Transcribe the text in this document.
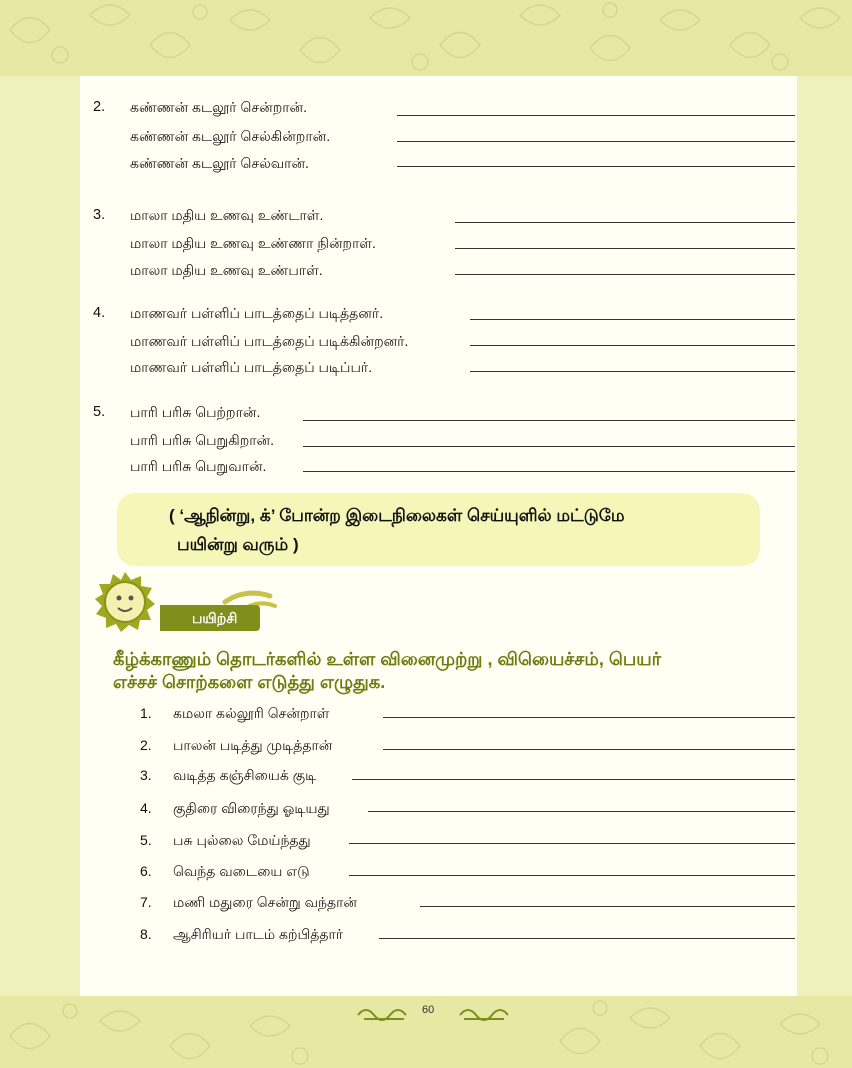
2. கண்ணன் கடலூர் சென்றான்.
கண்ணன் கடலூர் செல்கின்றான்.
கண்ணன் கடலூர் செல்வான்.
3. மாலா மதிய உணவு உண்டாள்.
மாலா மதிய உணவு உண்ணா நின்றாள்.
மாலா மதிய உணவு உண்பாள்.
4. மாணவர் பள்ளிப் பாடத்தைப் படித்தனர்.
மாணவர் பள்ளிப் பாடத்தைப் படிக்கின்றனர்.
மாணவர் பள்ளிப் பாடத்தைப் படிப்பர்.
5. பாரி பரிசு பெற்றான்.
பாரி பரிசு பெறுகிறான்.
பாரி பரிசு பெறுவான்.
( ‘ஆநின்று, க்’ போன்ற இடைநிலைகள் செய்யுளில் மட்டுமே
பயின்று வரும் )
பயிற்சி
கீழ்க்காணும் தொடர்களில் உள்ள வினைமுற்று , வியைெச்சம், பெயர்
எச்சச் சொற்களை எடுத்து எழுதுக.
1. கமலா கல்லூரி சென்றாள்
2. பாலன் படித்து முடித்தான்
3. வடித்த கஞ்சியைக் குடி
4. குதிரை விரைந்து ஓடியது
5. பசு புல்லை மேய்ந்தது
6. வெந்த வடையை எடு
7. மணி மதுரை சென்று வந்தான்
8. ஆசிரியர் பாடம் கற்பித்தார்
60
